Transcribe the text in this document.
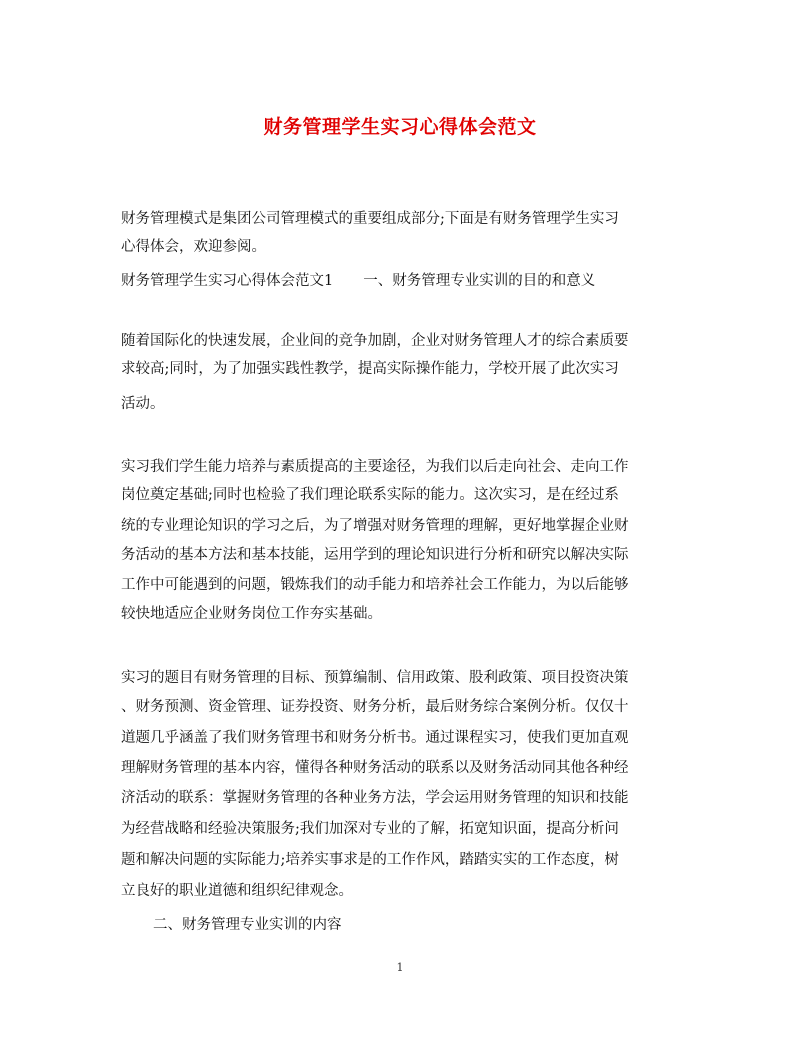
财务管理学生实习心得体会范文
财务管理模式是集团公司管理模式的重要组成部分;下面是有财务管理学生实习
心得体会，欢迎参阅。
财务管理学生实习心得体会范文1 一、财务管理专业实训的目的和意义
随着国际化的快速发展，企业间的竞争加剧，企业对财务管理人才的综合素质要
求较高;同时，为了加强实践性教学，提高实际操作能力，学校开展了此次实习
活动。
实习我们学生能力培养与素质提高的主要途径，为我们以后走向社会、走向工作
岗位奠定基础;同时也检验了我们理论联系实际的能力。这次实习，是在经过系
统的专业理论知识的学习之后，为了增强对财务管理的理解，更好地掌握企业财
务活动的基本方法和基本技能，运用学到的理论知识进行分析和研究以解决实际
工作中可能遇到的问题，锻炼我们的动手能力和培养社会工作能力，为以后能够
较快地适应企业财务岗位工作夯实基础。
实习的题目有财务管理的目标、预算编制、信用政策、股利政策、项目投资决策
、财务预测、资金管理、证券投资、财务分析，最后财务综合案例分析。仅仅十
道题几乎涵盖了我们财务管理书和财务分析书。通过课程实习，使我们更加直观
理解财务管理的基本内容，懂得各种财务活动的联系以及财务活动同其他各种经
济活动的联系：掌握财务管理的各种业务方法，学会运用财务管理的知识和技能
为经营战略和经验决策服务;我们加深对专业的了解，拓宽知识面，提高分析问
题和解决问题的实际能力;培养实事求是的工作作风，踏踏实实的工作态度，树
立良好的职业道德和组织纪律观念。
二、财务管理专业实训的内容
1
